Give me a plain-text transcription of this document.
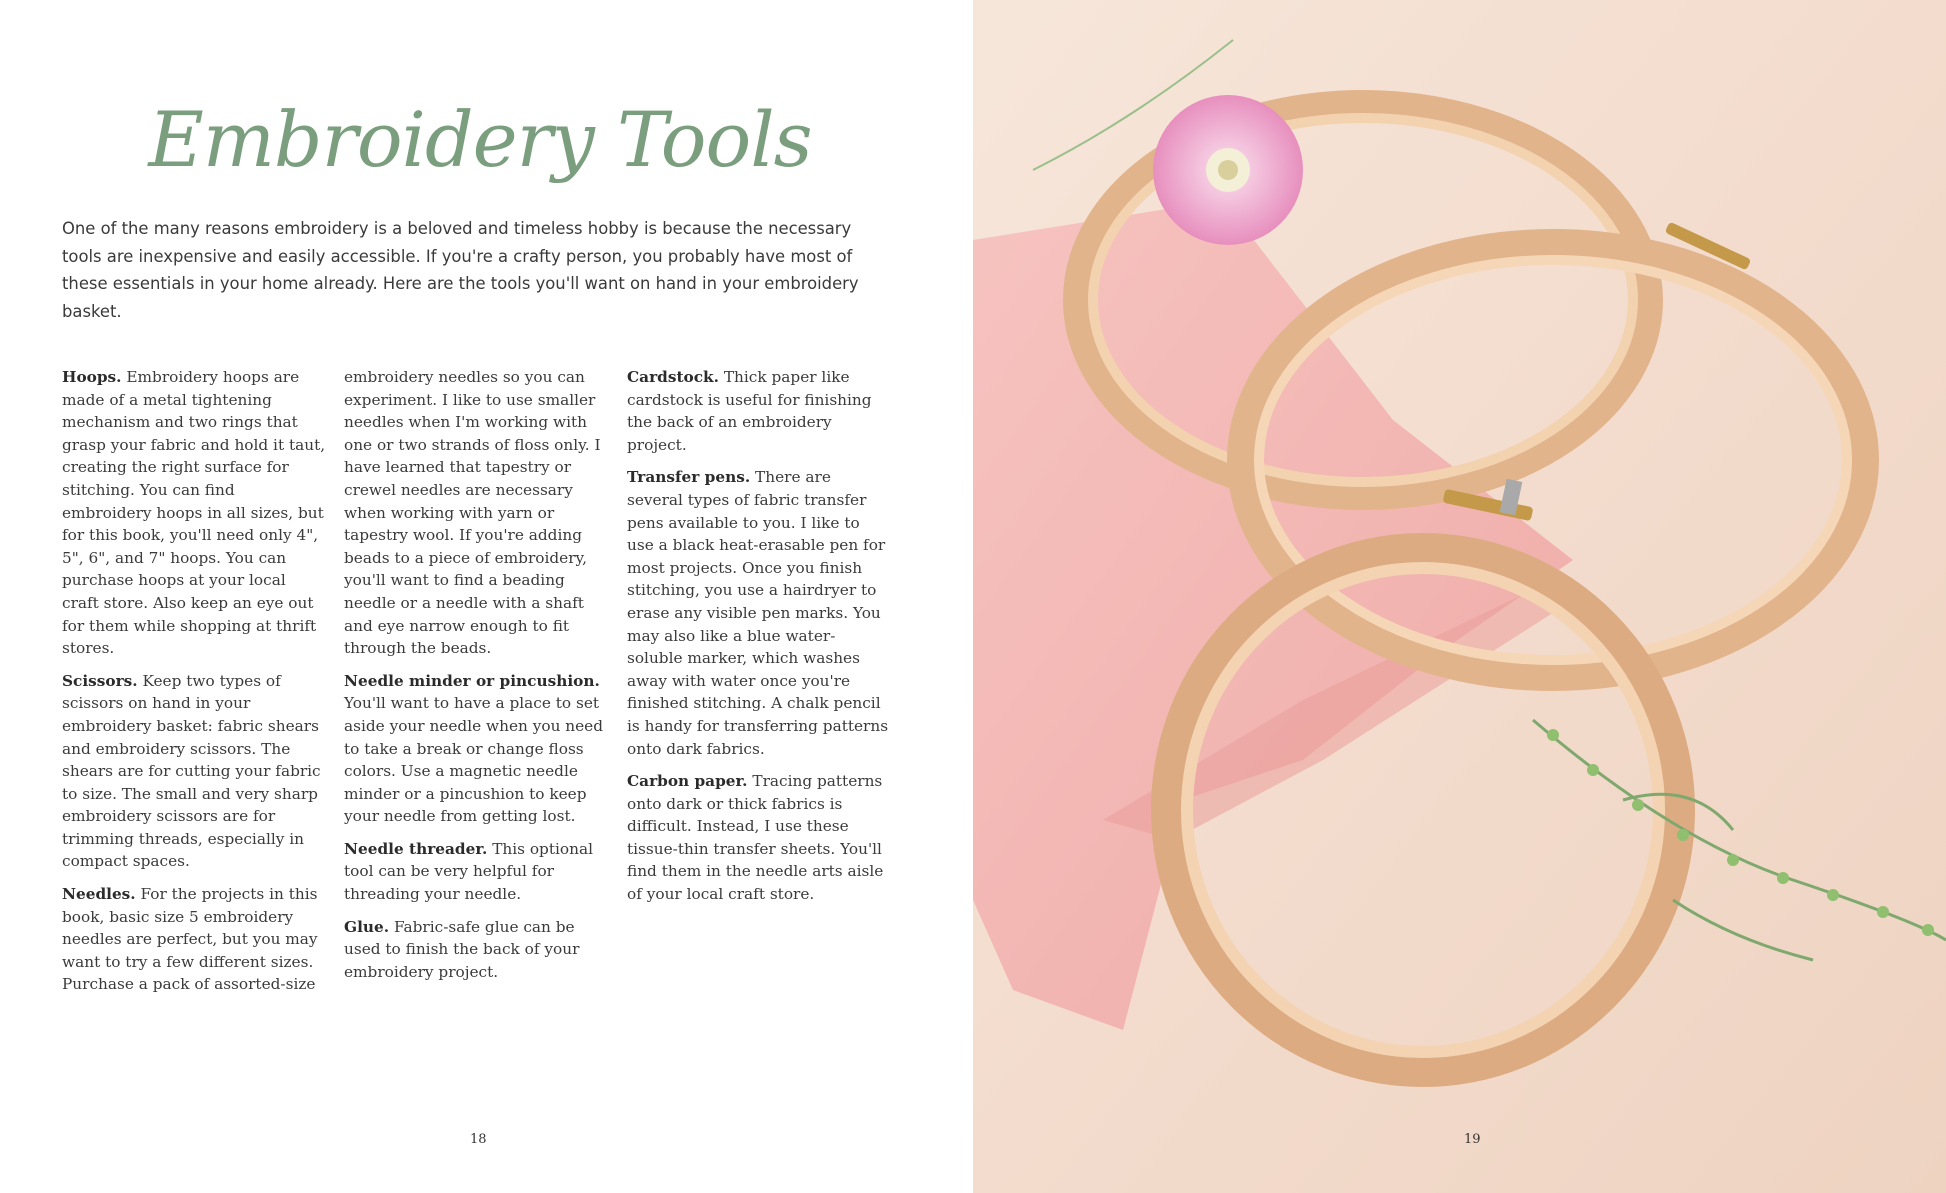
Embroidery Tools
One of the many reasons embroidery is a beloved and timeless hobby is because the necessary tools are inexpensive and easily accessible. If you're a crafty person, you probably have most of these essentials in your home already. Here are the tools you'll want on hand in your embroidery basket.

Hoops. Embroidery hoops are made of a metal tightening mechanism and two rings that grasp your fabric and hold it taut, creating the right surface for stitching. You can find embroidery hoops in all sizes, but for this book, you'll need only 4", 5", 6", and 7" hoops. You can purchase hoops at your local craft store. Also keep an eye out for them while shopping at thrift stores.

Scissors. Keep two types of scissors on hand in your embroidery basket: fabric shears and embroidery scissors. The shears are for cutting your fabric to size. The small and very sharp embroidery scissors are for trimming threads, especially in compact spaces.

Needles. For the projects in this book, basic size 5 embroidery needles are perfect, but you may want to try a few different sizes. Purchase a pack of assorted-size

embroidery needles so you can experiment. I like to use smaller needles when I'm working with one or two strands of floss only. I have learned that tapestry or crewel needles are necessary when working with yarn or tapestry wool. If you're adding beads to a piece of embroidery, you'll want to find a beading needle or a needle with a shaft and eye narrow enough to fit through the beads.

Needle minder or pincushion. You'll want to have a place to set aside your needle when you need to take a break or change floss colors. Use a magnetic needle minder or a pincushion to keep your needle from getting lost.

Needle threader. This optional tool can be very helpful for threading your needle.

Glue. Fabric-safe glue can be used to finish the back of your embroidery project.

Cardstock. Thick paper like cardstock is useful for finishing the back of an embroidery project.

Transfer pens. There are several types of fabric transfer pens available to you. I like to use a black heat-erasable pen for most projects. Once you finish stitching, you use a hairdryer to erase any visible pen marks. You may also like a blue water-soluble marker, which washes away with water once you're finished stitching. A chalk pencil is handy for transferring patterns onto dark fabrics.

Carbon paper. Tracing patterns onto dark or thick fabrics is difficult. Instead, I use these tissue-thin transfer sheets. You'll find them in the needle arts aisle of your local craft store.

18	19
